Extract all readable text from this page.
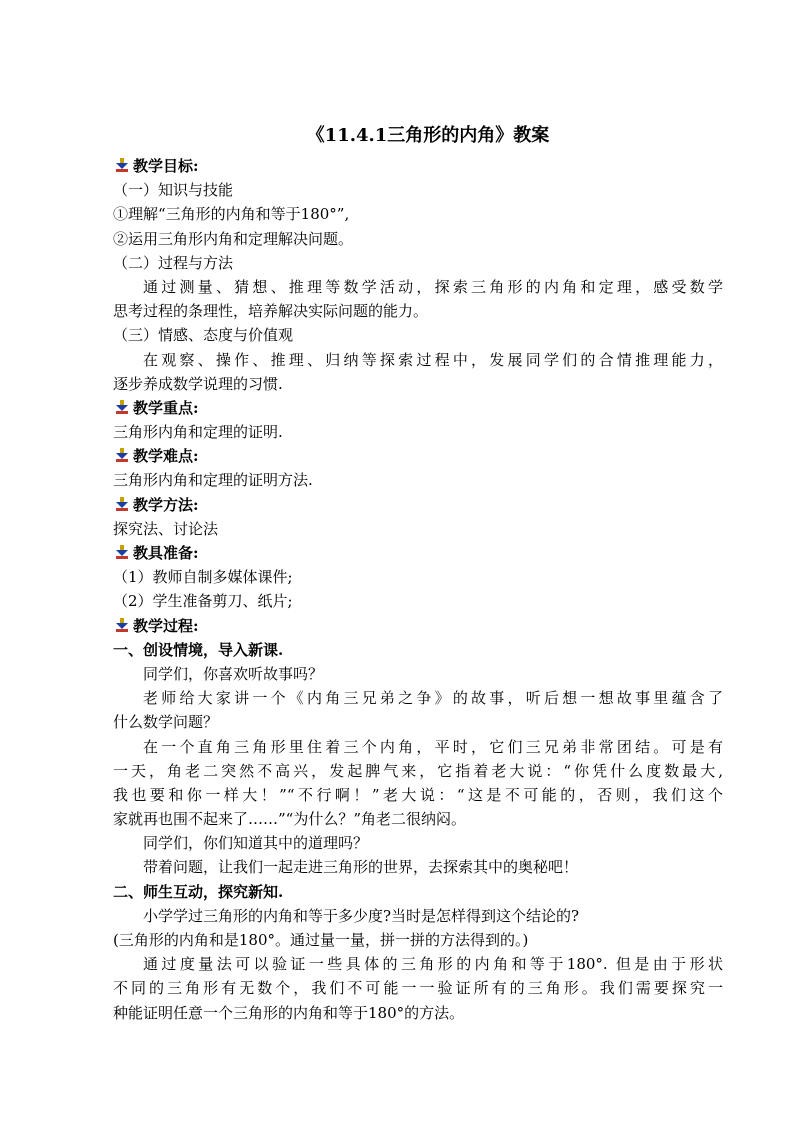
《11.4.1三角形的内角》教案
教学目标:
（一）知识与技能
①理解“三角形的内角和等于180°”,
②运用三角形内角和定理解决问题。
（二）过程与方法
通过测量、猜想、推理等数学活动，探索三角形的内角和定理，感受数学
思考过程的条理性，培养解决实际问题的能力。
（三）情感、态度与价值观
在观察、操作、推理、归纳等探索过程中，发展同学们的合情推理能力，
逐步养成数学说理的习惯.
教学重点:
三角形内角和定理的证明.
教学难点:
三角形内角和定理的证明方法.
教学方法:
探究法、讨论法
教具准备:
（1）教师自制多媒体课件;
（2）学生准备剪刀、纸片;
教学过程:
一、创设情境，导入新课.
同学们，你喜欢听故事吗？
老师给大家讲一个《内角三兄弟之争》的故事，听后想一想故事里蕴含了
什么数学问题？
在一个直角三角形里住着三个内角，平时，它们三兄弟非常团结。可是有
一天，角老二突然不高兴，发起脾气来，它指着老大说：“你凭什么度数最大,
我也要和你一样大！”“不行啊！”老大说：“这是不可能的，否则，我们这个
家就再也围不起来了……”“为什么？”角老二很纳闷。
同学们，你们知道其中的道理吗？
带着问题，让我们一起走进三角形的世界，去探索其中的奥秘吧！
二、师生互动，探究新知.
小学学过三角形的内角和等于多少度?当时是怎样得到这个结论的?
(三角形的内角和是180°。通过量一量，拼一拼的方法得到的。)
通过度量法可以验证一些具体的三角形的内角和等于180°. 但是由于形状
不同的三角形有无数个，我们不可能一一验证所有的三角形。我们需要探究一
种能证明任意一个三角形的内角和等于180°的方法。
